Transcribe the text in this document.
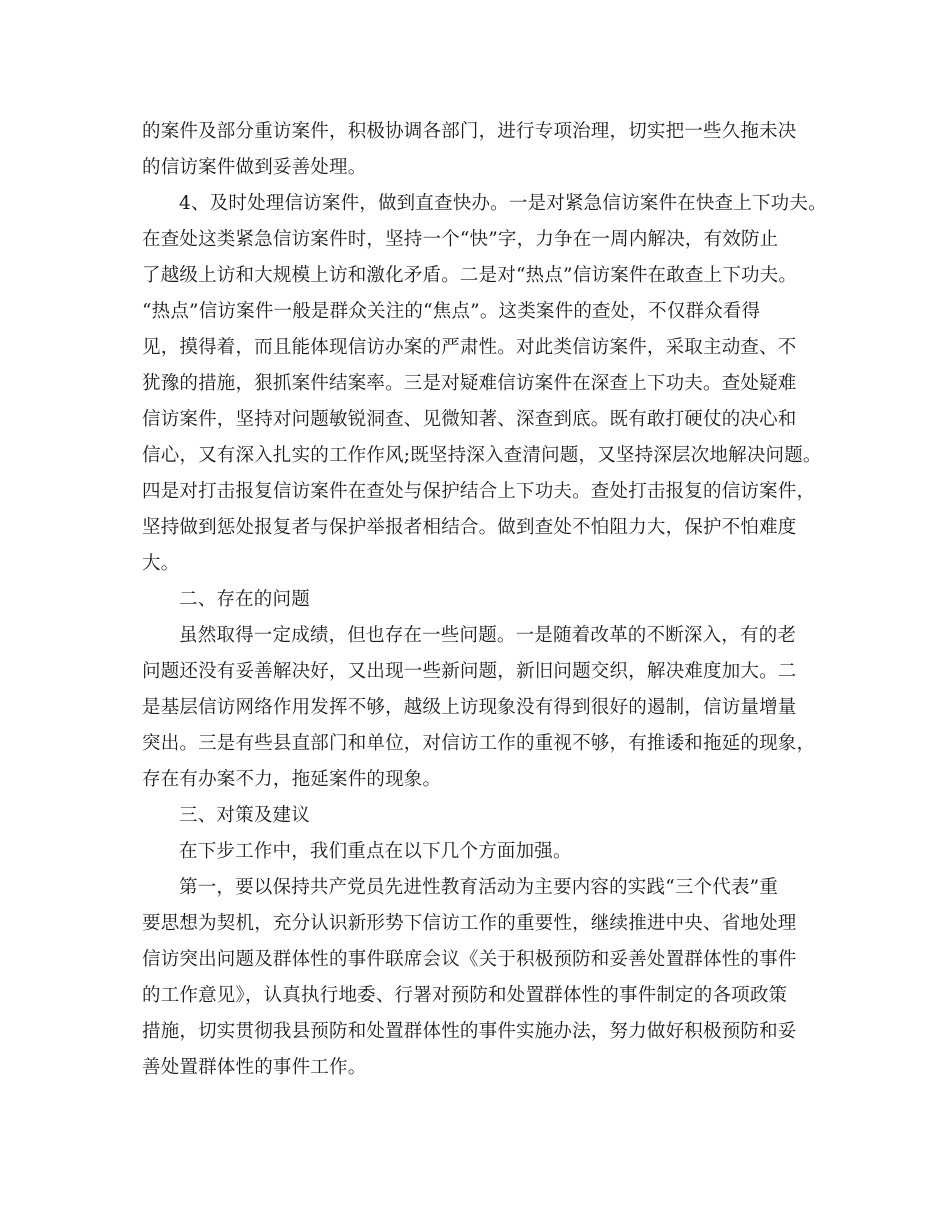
的案件及部分重访案件，积极协调各部门，进行专项治理，切实把一些久拖未决
的信访案件做到妥善处理。
4、及时处理信访案件，做到直查快办。一是对紧急信访案件在快查上下功夫。
在查处这类紧急信访案件时，坚持一个“快”字，力争在一周内解决，有效防止
了越级上访和大规模上访和激化矛盾。二是对“热点”信访案件在敢查上下功夫。
“热点”信访案件一般是群众关注的“焦点”。这类案件的查处，不仅群众看得
见，摸得着，而且能体现信访办案的严肃性。对此类信访案件，采取主动查、不
犹豫的措施，狠抓案件结案率。三是对疑难信访案件在深查上下功夫。查处疑难
信访案件，坚持对问题敏锐洞查、见微知著、深查到底。既有敢打硬仗的决心和
信心，又有深入扎实的工作作风;既坚持深入查清问题，又坚持深层次地解决问题。
四是对打击报复信访案件在查处与保护结合上下功夫。查处打击报复的信访案件，
坚持做到惩处报复者与保护举报者相结合。做到查处不怕阻力大，保护不怕难度
大。
二、存在的问题
虽然取得一定成绩，但也存在一些问题。一是随着改革的不断深入，有的老
问题还没有妥善解决好，又出现一些新问题，新旧问题交织，解决难度加大。二
是基层信访网络作用发挥不够，越级上访现象没有得到很好的遏制，信访量增量
突出。三是有些县直部门和单位，对信访工作的重视不够，有推诿和拖延的现象，
存在有办案不力，拖延案件的现象。
三、对策及建议
在下步工作中，我们重点在以下几个方面加强。
第一，要以保持共产党员先进性教育活动为主要内容的实践“三个代表”重
要思想为契机，充分认识新形势下信访工作的重要性，继续推进中央、省地处理
信访突出问题及群体性的事件联席会议《关于积极预防和妥善处置群体性的事件
的工作意见》，认真执行地委、行署对预防和处置群体性的事件制定的各项政策
措施，切实贯彻我县预防和处置群体性的事件实施办法，努力做好积极预防和妥
善处置群体性的事件工作。
